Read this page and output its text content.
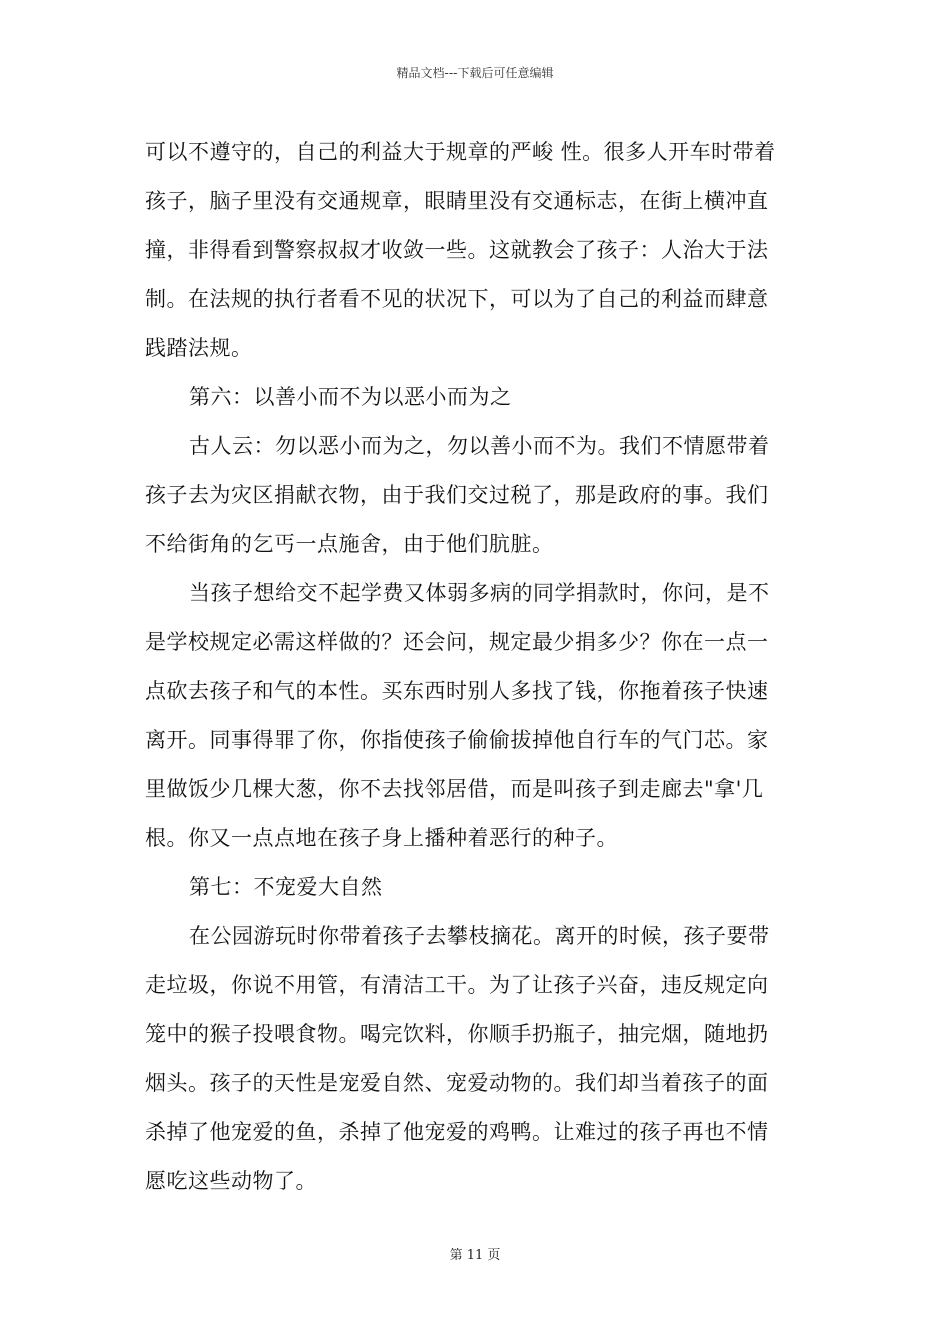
精品文档---下载后可任意编辑
可以不遵守的，自己的利益大于规章的严峻 性。很多人开车时带着
孩子，脑子里没有交通规章，眼睛里没有交通标志，在街上横冲直
撞，非得看到警察叔叔才收敛一些。这就教会了孩子：人治大于法
制。在法规的执行者看不见的状况下，可以为了自己的利益而肆意
践踏法规。
第六：以善小而不为以恶小而为之
古人云：勿以恶小而为之，勿以善小而不为。我们不情愿带着
孩子去为灾区捐献衣物，由于我们交过税了，那是政府的事。我们
不给街角的乞丐一点施舍，由于他们肮脏。
当孩子想给交不起学费又体弱多病的同学捐款时，你问，是不
是学校规定必需这样做的？还会问，规定最少捐多少？你在一点一
点砍去孩子和气的本性。买东西时别人多找了钱，你拖着孩子快速
离开。同事得罪了你，你指使孩子偷偷拔掉他自行车的气门芯。家
里做饭少几棵大葱，你不去找邻居借，而是叫孩子到走廊去"拿'几
根。你又一点点地在孩子身上播种着恶行的种子。
第七：不宠爱大自然
在公园游玩时你带着孩子去攀枝摘花。离开的时候，孩子要带
走垃圾，你说不用管，有清洁工干。为了让孩子兴奋，违反规定向
笼中的猴子投喂食物。喝完饮料，你顺手扔瓶子，抽完烟，随地扔
烟头。孩子的天性是宠爱自然、宠爱动物的。我们却当着孩子的面
杀掉了他宠爱的鱼，杀掉了他宠爱的鸡鸭。让难过的孩子再也不情
愿吃这些动物了。
第 11 页
